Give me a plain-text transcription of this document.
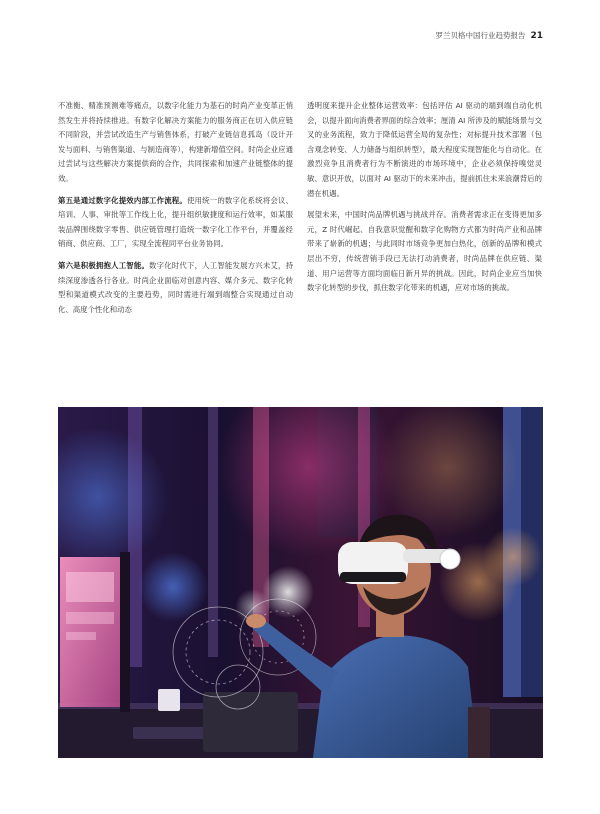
罗兰贝格中国行业趋势报告 21

不准衡、精准预测难等痛点，以数字化能力为基石的时尚产业变革正悄然发生并将持续推进。有数字化解决方案能力的服务商正在切入供应链不同阶段，并尝试改造生产与销售体系，打破产业链信息孤岛（设计开发与面料、与销售渠道、与制造商等），构建新增值空间。时尚企业应通过尝试与这些解决方案提供商的合作，共同探索和加速产业链整体的提效。

第五是通过数字化提效内部工作流程。使用统一的数字化系统将会议、培训、人事、审批等工作线上化，提升组织敏捷度和运行效率，如某服装品牌围绕数字零售、供应链管理打造统一数字化工作平台，并覆盖经销商、供应商、工厂，实现全流程同平台业务协同。

第六是积极拥抱人工智能。数字化时代下，人工智能发展方兴未艾，持续深度渗透各行各业。时尚企业面临对创意内容、媒介多元、数字化转型和渠道模式改变的主要趋势，同时需进行端到端整合实现通过自动化、高度个性化和动态

透明度来提升企业整体运营效率：包括评估 AI 驱动的端到端自动化机会，以提升面向消费者界面的综合效率；厘清 AI 所涉及的赋能场景与交叉的业务流程，致力于降低运营全局的复杂性；对标提升技术部署（包含观念转变、人力储备与组织转型），最大程度实现智能化与自动化。在激烈竞争且消费者行为不断演进的市场环境中，企业必须保持嗅觉灵敏、意识开放，以面对 AI 驱动下的未来冲击，提前抓住未来浪潮背后的潜在机遇。

展望未来，中国时尚品牌机遇与挑战并存。消费者需求正在变得更加多元，Z 时代崛起、自我意识觉醒和数字化购物方式都为时尚产业和品牌带来了崭新的机遇；与此同时市场竞争更加白热化，创新的品牌和模式层出不穷，传统营销手段已无法打动消费者，时尚品牌在供应链、渠道、用户运营等方面均面临日新月异的挑战。因此，时尚企业应当加快数字化转型的步伐，抓住数字化带来的机遇，应对市场的挑战。
